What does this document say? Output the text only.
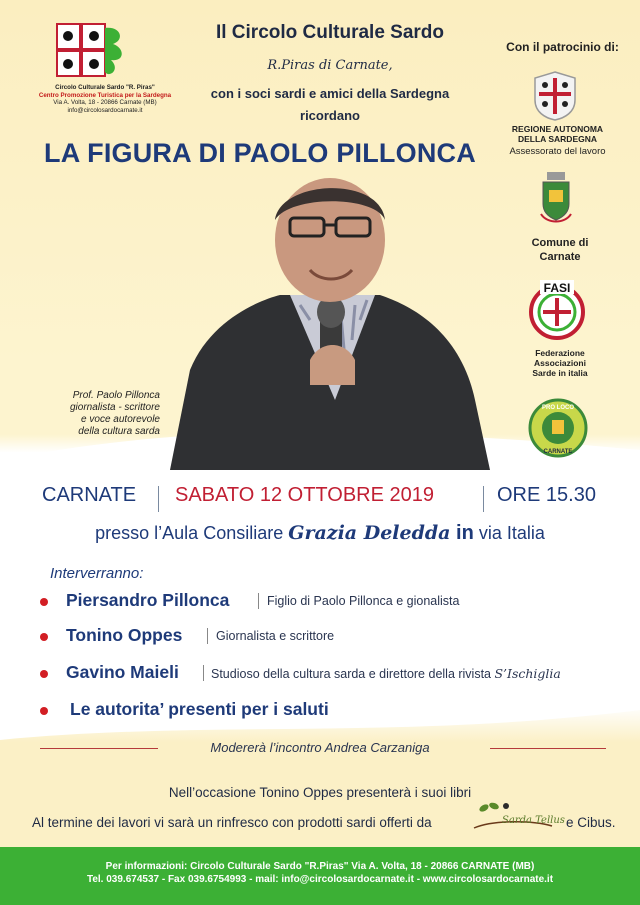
Circolo Culturale Sardo "R. Piras"
Centro Promozione Turistica per la Sardegna
Via A. Volta, 18 - 20866 Carnate (MB)
info@circolosardocarnate.it
Il Circolo Culturale Sardo
R.Piras di Carnate,
con i soci sardi e amici della Sardegna
ricordano
LA FIGURA DI PAOLO PILLONCA
Con il patrocinio di:
REGIONE AUTONOMA
DELLA SARDEGNA
Assessorato del lavoro
Comune di
Carnate
FASI
Federazione
Associazioni
Sarde in italia
PRO LOCO
CARNATE
Prof. Paolo Pillonca
giornalista - scrittore
e voce autorevole
della cultura sarda
CARNATE SABATO 12 OTTOBRE 2019	ORE 15.30
presso l’Aula Consiliare Grazia Deledda in via Italia
Interverranno:
Piersandro Pillonca	Figlio di Paolo Pillonca e gionalista
Tonino Oppes	Giornalista e scrittore
Gavino Maieli	Studioso della cultura sarda e direttore della rivista S’Ischiglia
Le autorita’ presenti per i saluti
Modererà l’incontro Andrea Carzaniga
Nell’occasione Tonino Oppes presenterà i suoi libri
Al termine dei lavori vi sarà un rinfresco con prodotti sardi offerti da	Sarda Tellus e Cibus.
Per informazioni: Circolo Culturale Sardo "R.Piras" Via A. Volta, 18 - 20866 CARNATE (MB)
Tel. 039.674537 - Fax 039.6754993 - mail: info@circolosardocarnate.it - www.circolosardocarnate.it
